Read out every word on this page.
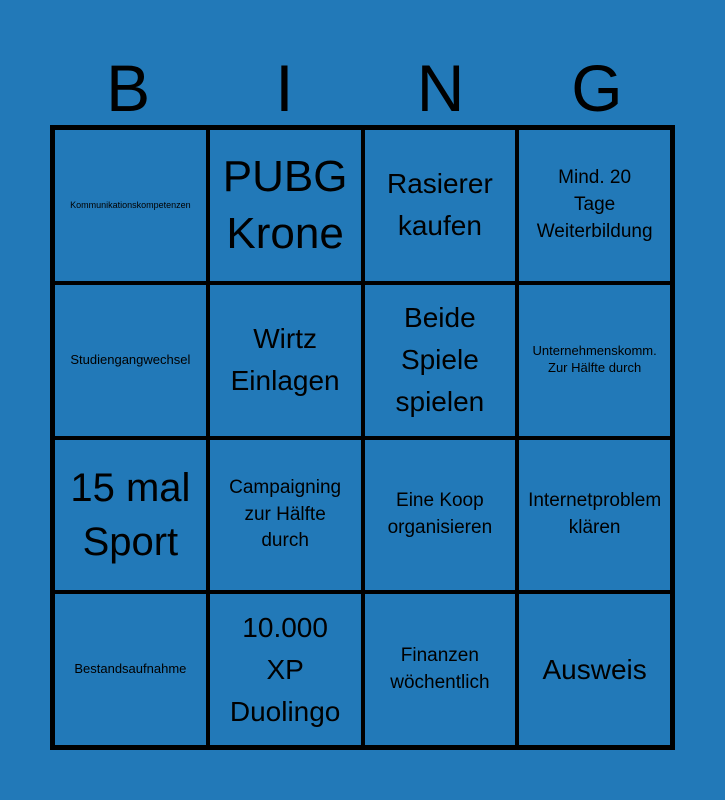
B	I	N	G
Kommunikationskompetenzen
PUBG
Krone
Rasierer
kaufen
Mind. 20
Tage
Weiterbildung
Studiengangwechsel
Wirtz
Einlagen
Beide
Spiele
spielen
Unternehmenskomm.
Zur Hälfte durch
15 mal
Sport
Campaigning
zur Hälfte
durch
Eine Koop
organisieren
Internetproblem
klären
Bestandsaufnahme
10.000
XP
Duolingo
Finanzen
wöchentlich Ausweis
